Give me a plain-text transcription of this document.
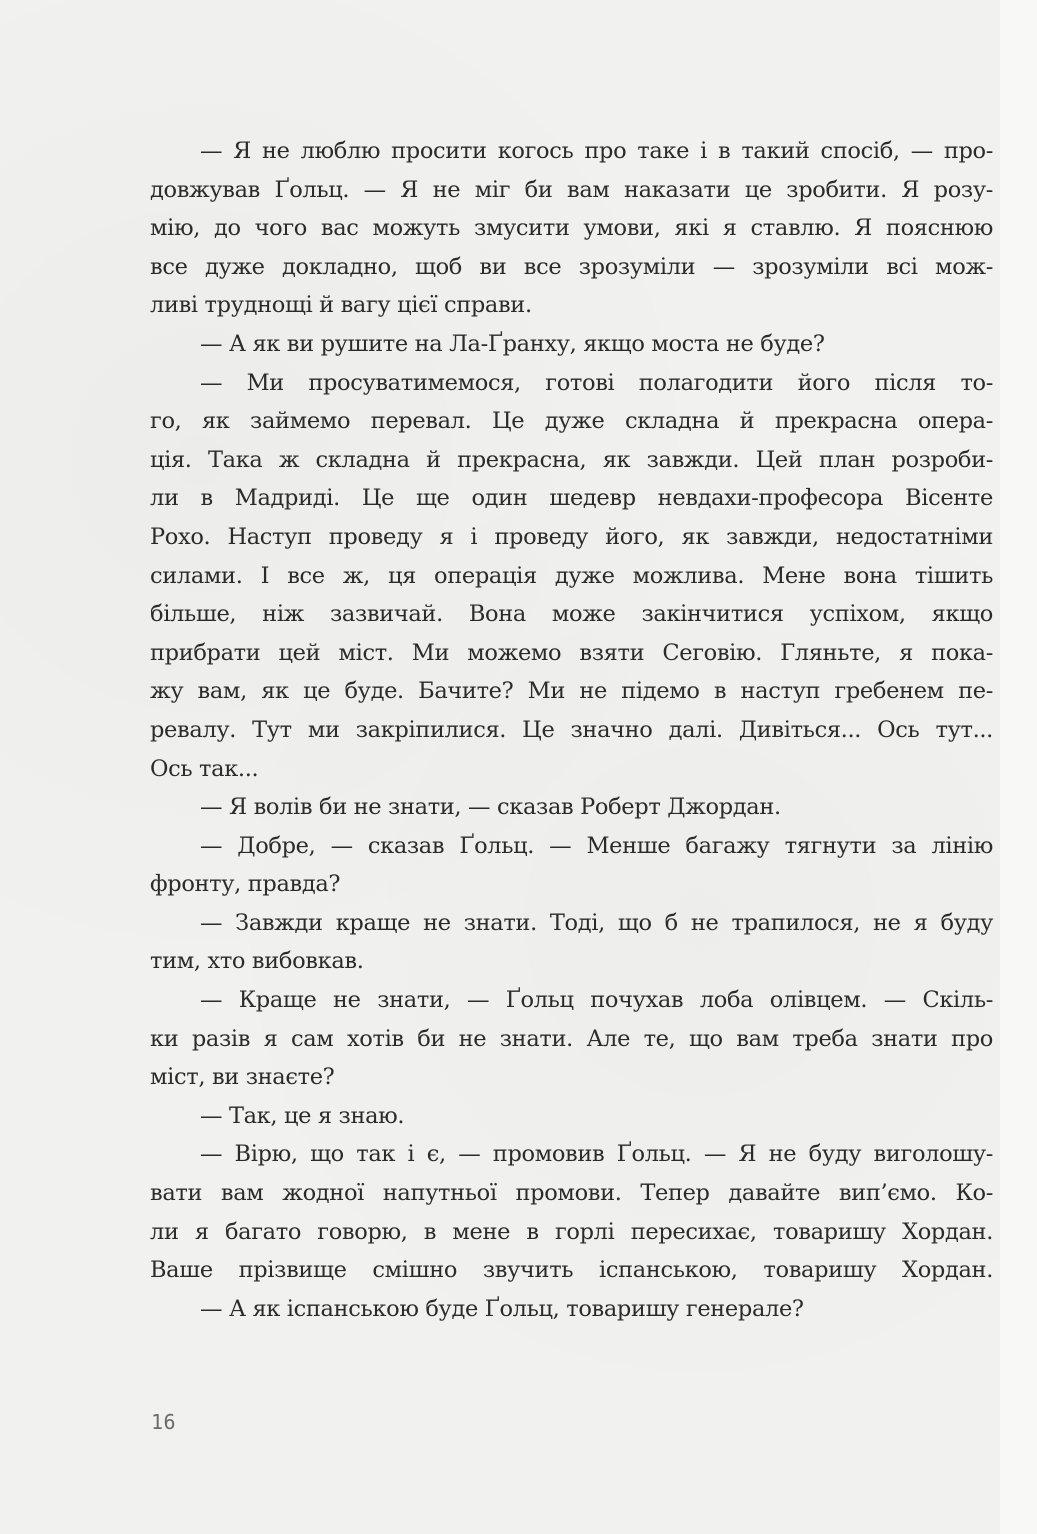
— Я не люблю просити когось про таке і в такий спосіб, — про-
довжував Ґольц. — Я не міг би вам наказати це зробити. Я розу-
мію, до чого вас можуть змусити умови, які я ставлю. Я пояснюю
все дуже докладно, щоб ви все зрозуміли — зрозуміли всі мож-
ливі труднощі й вагу цієї справи.
— А як ви рушите на Ла-Ґранху, якщо моста не буде?
— Ми просуватимемося, готові полагодити його після то-
го, як займемо перевал. Це дуже складна й прекрасна опера-
ція. Така ж складна й прекрасна, як завжди. Цей план розроби-
ли в Мадриді. Це ще один шедевр невдахи-професора Вісенте
Рохо. Наступ проведу я і проведу його, як завжди, недостатніми
силами. І все ж, ця операція дуже можлива. Мене вона тішить
більше, ніж зазвичай. Вона може закінчитися успіхом, якщо
прибрати цей міст. Ми можемо взяти Сеговію. Гляньте, я пока-
жу вам, як це буде. Бачите? Ми не підемо в наступ гребенем пе-
ревалу. Тут ми закріпилися. Це значно далі. Дивіться... Ось тут...
Ось так...
— Я волів би не знати, — сказав Роберт Джордан.
— Добре, — сказав Ґольц. — Менше багажу тягнути за лінію
фронту, правда?
— Завжди краще не знати. Тоді, що б не трапилося, не я буду
тим, хто вибовкав.
— Краще не знати, — Ґольц почухав лоба олівцем. — Скіль-
ки разів я сам хотів би не знати. Але те, що вам треба знати про
міст, ви знаєте?
— Так, це я знаю.
— Вірю, що так і є, — промовив Ґольц. — Я не буду виголошу-
вати вам жодної напутньої промови. Тепер давайте вип’ємо. Ко-
ли я багато говорю, в мене в горлі пересихає, товаришу Хордан.
Ваше прізвище смішно звучить іспанською, товаришу Хордан.
— А як іспанською буде Ґольц, товаришу генерале?
16
